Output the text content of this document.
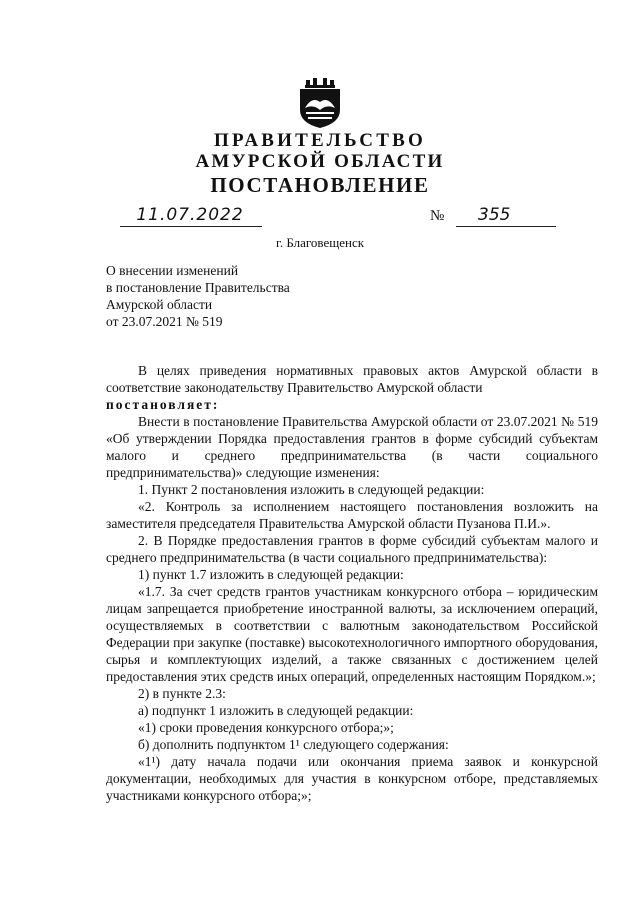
ПРАВИТЕЛЬСТВО
АМУРСКОЙ ОБЛАСТИ
ПОСТАНОВЛЕНИЕ
11.07.2022	№ 355
г. Благовещенск
О внесении изменений
в постановление Правительства
Амурской области
от 23.07.2021 № 519

В целях приведения нормативных правовых актов Амурской области в соответствие законодательству Правительство Амурской области

постановляет:

Внести в постановление Правительства Амурской области от 23.07.2021 № 519 «Об утверждении Порядка предоставления грантов в форме субсидий субъектам малого и среднего предпринимательства (в части социального предпринимательства)» следующие изменения:

1. Пункт 2 постановления изложить в следующей редакции:

«2. Контроль за исполнением настоящего постановления возложить на заместителя председателя Правительства Амурской области Пузанова П.И.».

2. В Порядке предоставления грантов в форме субсидий субъектам малого и среднего предпринимательства (в части социального предпринимательства):

1) пункт 1.7 изложить в следующей редакции:

«1.7. За счет средств грантов участникам конкурсного отбора – юридическим лицам запрещается приобретение иностранной валюты, за исключением операций, осуществляемых в соответствии с валютным законодательством Российской Федерации при закупке (поставке) высокотехнологичного импортного оборудования, сырья и комплектующих изделий, а также связанных с достижением целей предоставления этих средств иных операций, определенных настоящим Порядком.»;

2) в пункте 2.3:

а) подпункт 1 изложить в следующей редакции:

«1) сроки проведения конкурсного отбора;»;

б) дополнить подпунктом 1¹ следующего содержания:

«1¹) дату начала подачи или окончания приема заявок и конкурсной документации, необходимых для участия в конкурсном отборе, представляемых участниками конкурсного отбора;»;
